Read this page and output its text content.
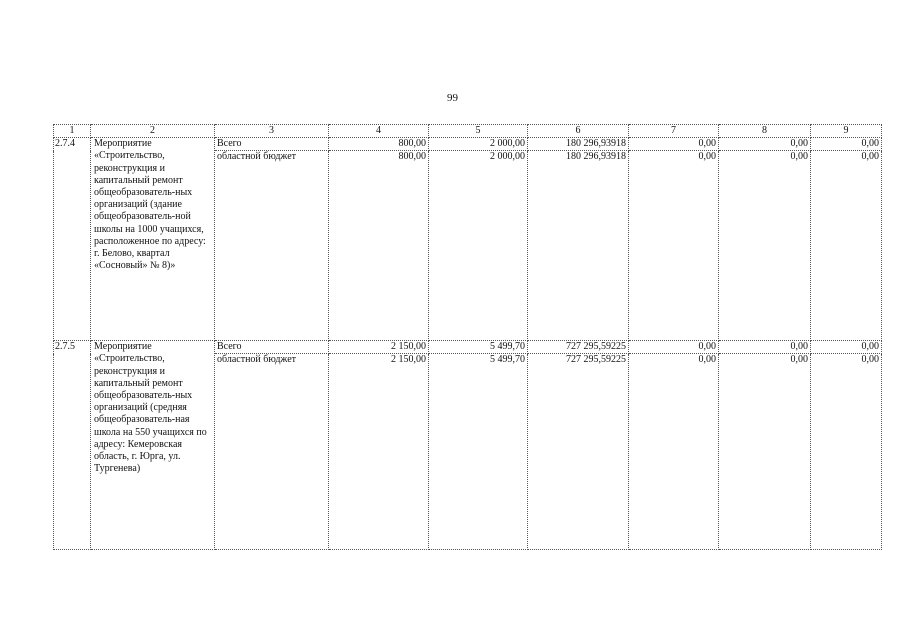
99
1	2	3	4	5	6	7	8	9
2.7.4	Мероприятие «Строительство, реконструкция и капитальный ремонт общеобразователь-ных организаций (здание общеобразователь-ной школы на 1000 учащихся, расположенное по адресу: г. Белово, квартал «Сосновый» № 8)»	Всего	800,00	2 000,00	180 296,93918	0,00	0,00	0,00
		областной бюджет	800,00	2 000,00	180 296,93918	0,00	0,00	0,00
2.7.5	Мероприятие «Строительство, реконструкция и капитальный ремонт общеобразователь-ных организаций (средняя общеобразователь-ная школа на 550 учащихся по адресу: Кемеровская область, г. Юрга, ул. Тургенева)	Всего	2 150,00	5 499,70	727 295,59225	0,00	0,00	0,00
		областной бюджет	2 150,00	5 499,70	727 295,59225	0,00	0,00	0,00
